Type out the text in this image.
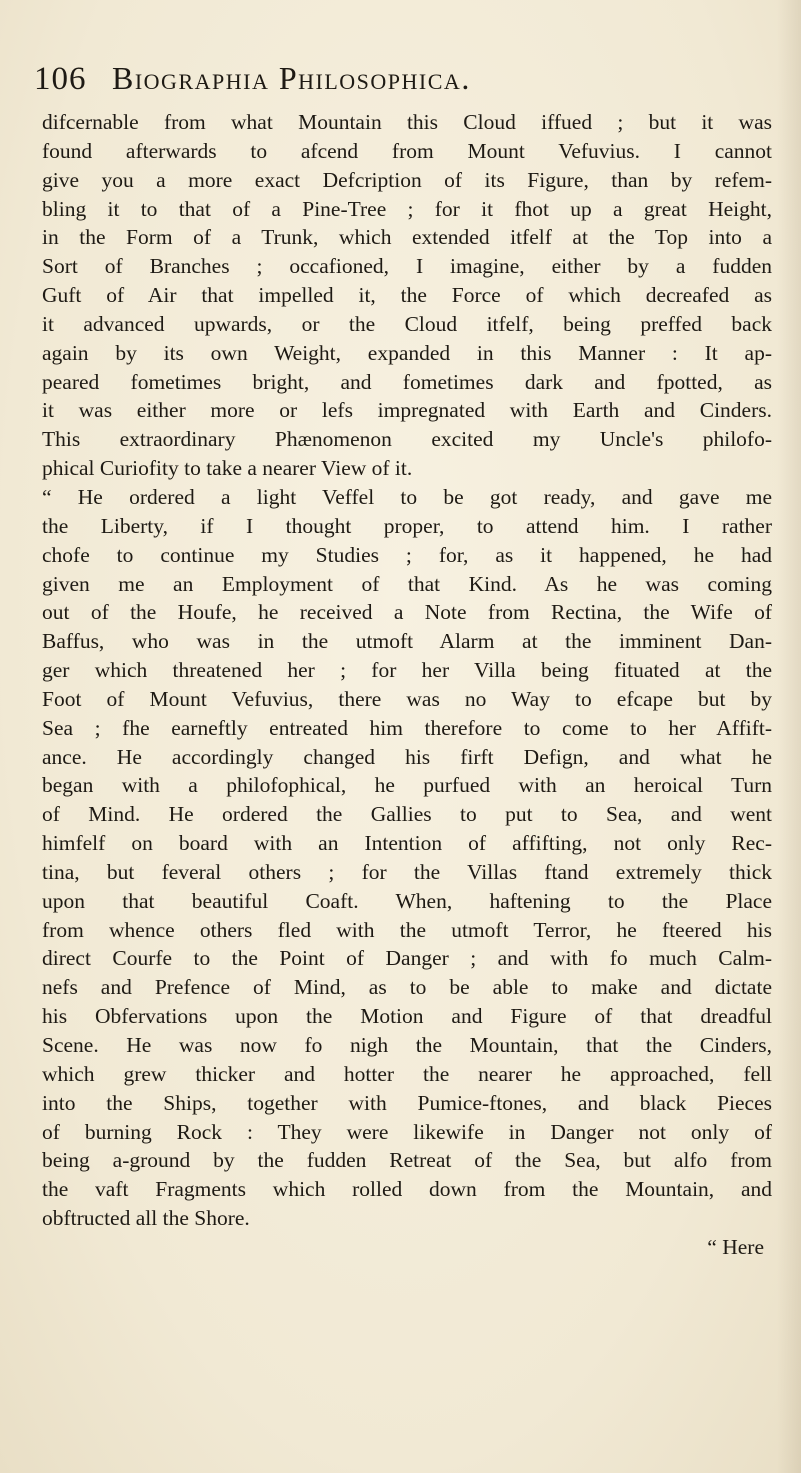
106 Biographia Philosophica.
difcernable from what Mountain this Cloud iffued ; but it was
found afterwards to afcend from Mount Vefuvius. I cannot
give you a more exact Defcription of its Figure, than by refem-
bling it to that of a Pine-Tree ; for it fhot up a great Height,
in the Form of a Trunk, which extended itfelf at the Top into a
Sort of Branches ; occafioned, I imagine, either by a fudden
Guft of Air that impelled it, the Force of which decreafed as
it advanced upwards, or the Cloud itfelf, being preffed back
again by its own Weight, expanded in this Manner : It ap-
peared fometimes bright, and fometimes dark and fpotted, as
it was either more or lefs impregnated with Earth and Cinders.
This extraordinary Phænomenon excited my Uncle's philofo-
phical Curiofity to take a nearer View of it.
“ He ordered a light Veffel to be got ready, and gave me
the Liberty, if I thought proper, to attend him. I rather
chofe to continue my Studies ; for, as it happened, he had
given me an Employment of that Kind. As he was coming
out of the Houfe, he received a Note from Rectina, the Wife of
Baffus, who was in the utmoft Alarm at the imminent Dan-
ger which threatened her ; for her Villa being fituated at the
Foot of Mount Vefuvius, there was no Way to efcape but by
Sea ; fhe earneftly entreated him therefore to come to her Affift-
ance. He accordingly changed his firft Defign, and what he
began with a philofophical, he purfued with an heroical Turn
of Mind. He ordered the Gallies to put to Sea, and went
himfelf on board with an Intention of affifting, not only Rec-
tina, but feveral others ; for the Villas ftand extremely thick
upon that beautiful Coaft. When, haftening to the Place
from whence others fled with the utmoft Terror, he fteered his
direct Courfe to the Point of Danger ; and with fo much Calm-
nefs and Prefence of Mind, as to be able to make and dictate
his Obfervations upon the Motion and Figure of that dreadful
Scene. He was now fo nigh the Mountain, that the Cinders,
which grew thicker and hotter the nearer he approached, fell
into the Ships, together with Pumice-ftones, and black Pieces
of burning Rock : They were likewife in Danger not only of
being a-ground by the fudden Retreat of the Sea, but alfo from
the vaft Fragments which rolled down from the Mountain, and
obftructed all the Shore.
“ Here
